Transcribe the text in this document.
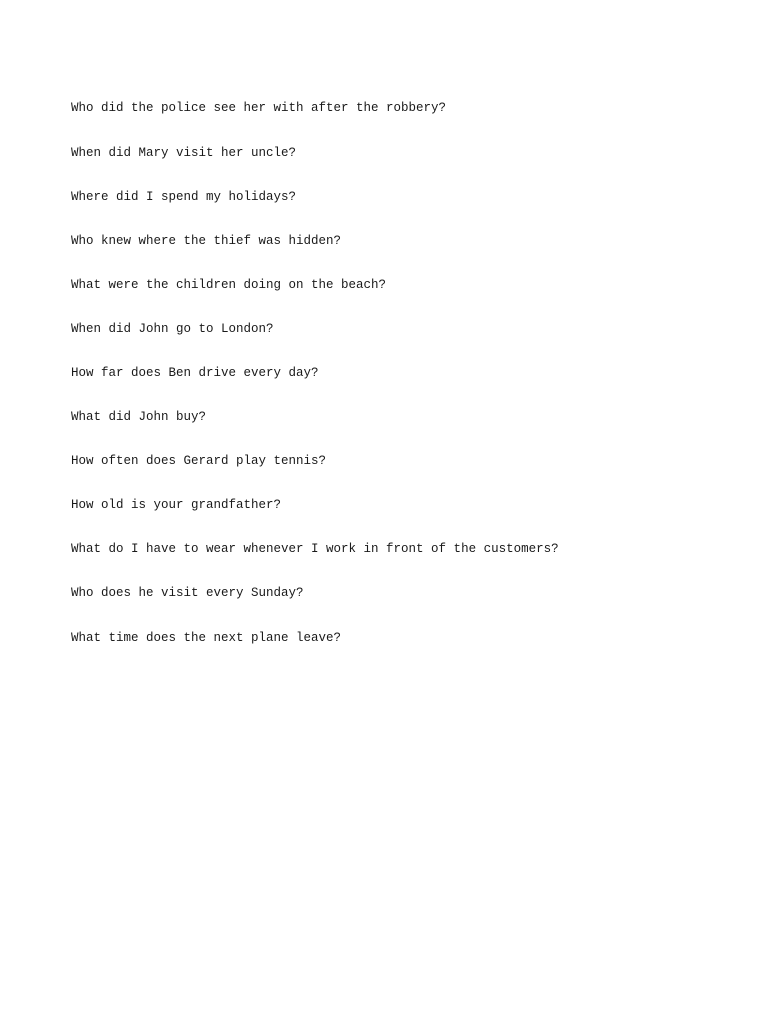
Who did the police see her with after the robbery?

When did Mary visit her uncle?

Where did I spend my holidays?

Who knew where the thief was hidden?

What were the children doing on the beach?

When did John go to London?

How far does Ben drive every day?

What did John buy?

How often does Gerard play tennis?

How old is your grandfather?

What do I have to wear whenever I work in front of the customers?

Who does he visit every Sunday?

What time does the next plane leave?
